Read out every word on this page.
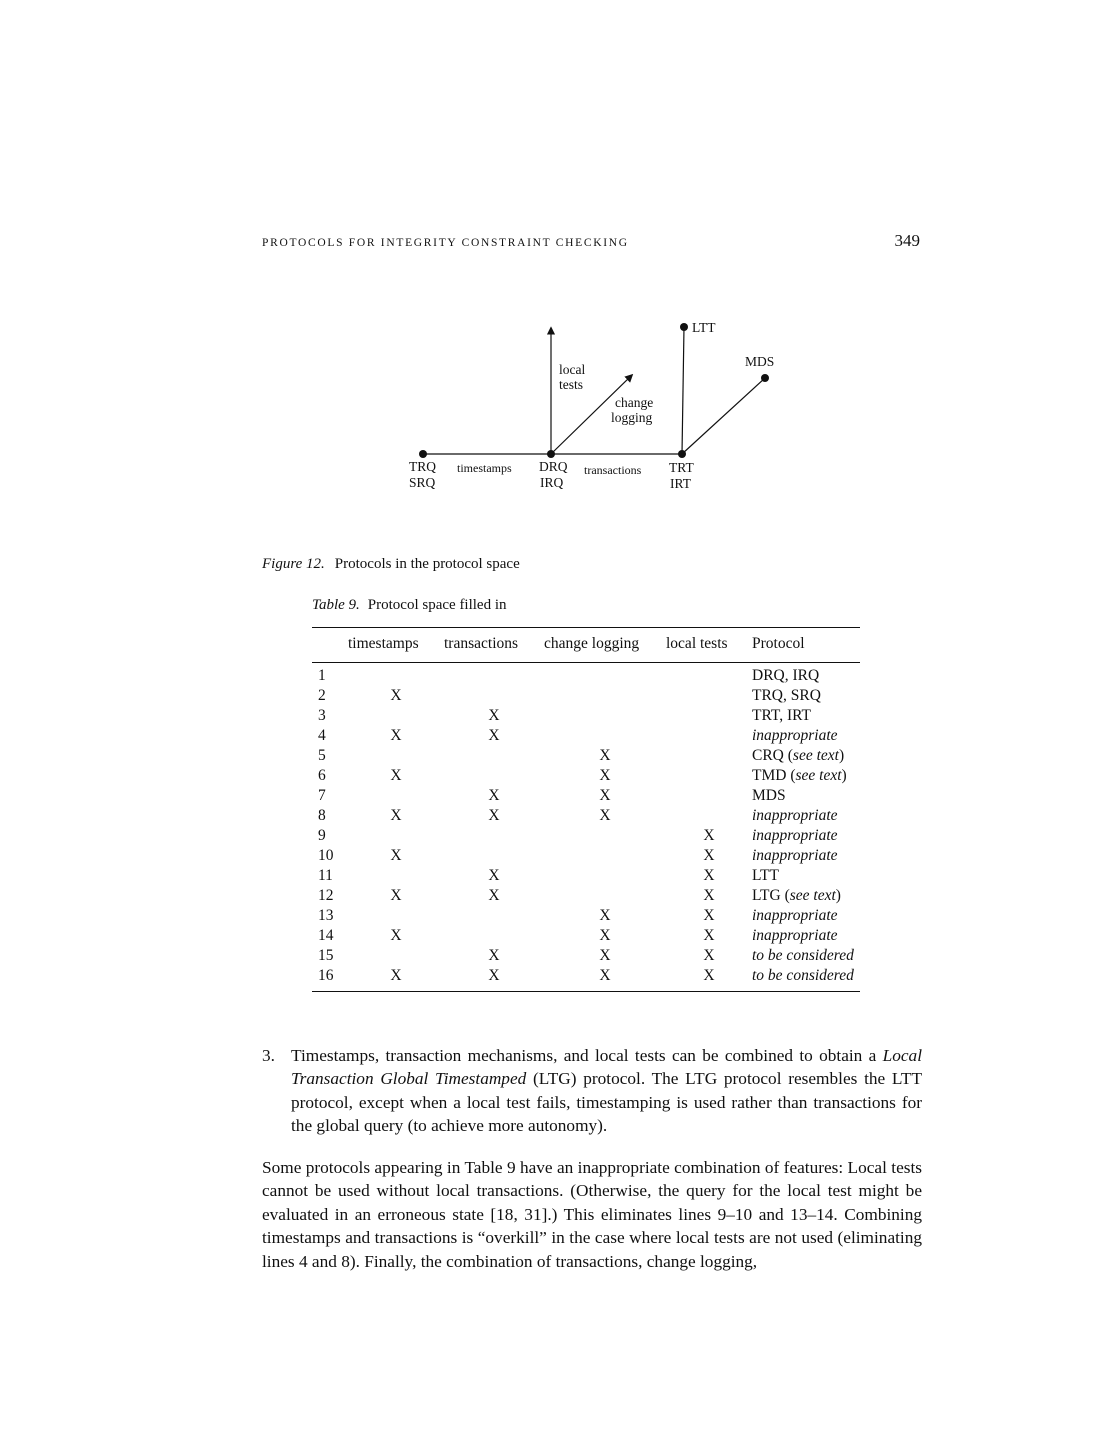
PROTOCOLS FOR INTEGRITY CONSTRAINT CHECKING	349
LTT
MDS
local
tests
change
logging
TRQ
SRQ
timestamps DRQ
IRQ
transactions TRT
IRT

Figure 12. Protocols in the protocol space

Table 9. Protocol space filled in

	timestamps	transactions	change logging	local tests	Protocol
1					DRQ, IRQ
2	X				TRQ, SRQ
3		X			TRT, IRT
4	X	X			inappropriate
5			X		CRQ (see text)
6	X		X		TMD (see text)
7		X	X		MDS
8	X	X	X		inappropriate
9				X	inappropriate
10	X			X	inappropriate
11		X		X	LTT
12	X	X		X	LTG (see text)
13			X	X	inappropriate
14	X		X	X	inappropriate
15		X	X	X	to be considered
16	X	X	X	X	to be considered
3. Timestamps, transaction mechanisms, and local tests can be combined to obtain a Local Transaction Global Timestamped (LTG) protocol. The LTG protocol resembles the LTT protocol, except when a local test fails, timestamping is used rather than transactions for the global query (to achieve more autonomy).

Some protocols appearing in Table 9 have an inappropriate combination of features: Local tests cannot be used without local transactions. (Otherwise, the query for the local test might be evaluated in an erroneous state [18, 31].) This eliminates lines 9–10 and 13–14. Combining timestamps and transactions is “overkill” in the case where local tests are not used (eliminating lines 4 and 8). Finally, the combination of transactions, change logging,
